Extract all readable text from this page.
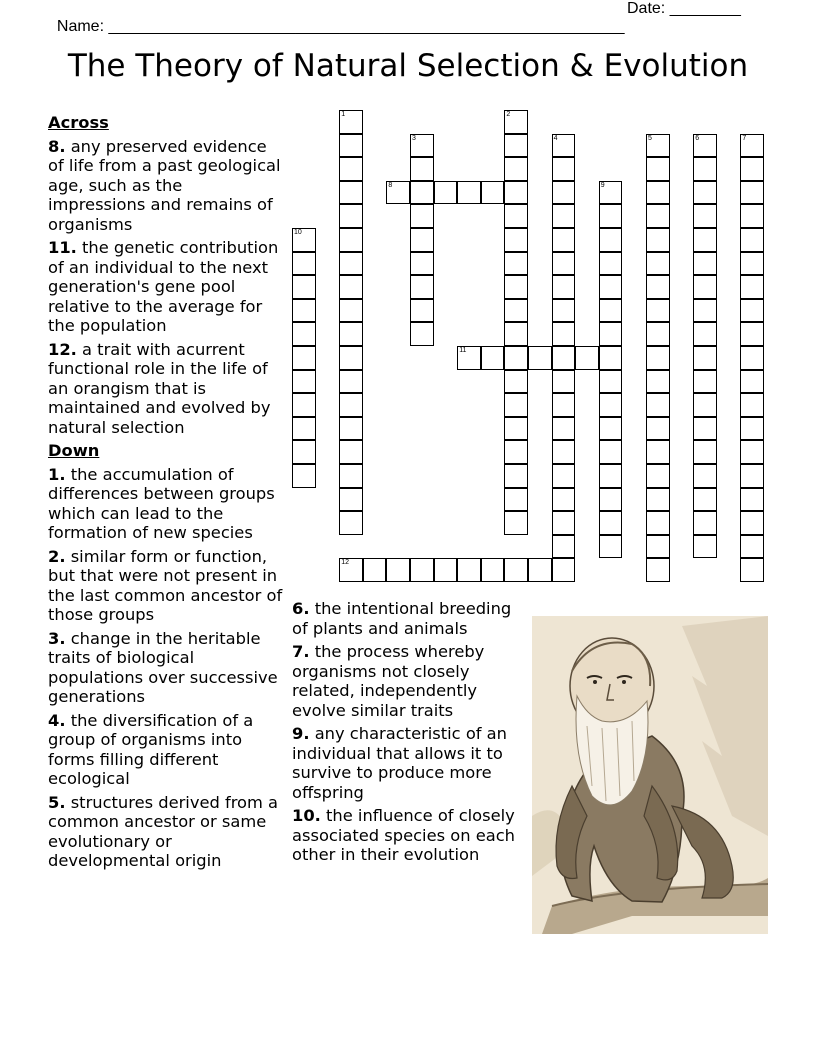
Name: __________________________________________________________

Date: ________

The Theory of Natural Selection & Evolution
Across
8. any preserved evidence of life from a past geological age, such as the impressions and remains of organisms
11. the genetic contribution of an individual to the next generation's gene pool relative to the average for the population
12. a trait with acurrent functional role in the life of an orangism that is maintained and evolved by natural selection
Down
1. the accumulation of differences between groups which can lead to the formation of new species
2. similar form or function, but that were not present in the last common ancestor of those groups
3. change in the heritable traits of biological populations over successive generations
4. the diversification of a group of organisms into forms filling different ecological
5. structures derived from a common ancestor or same evolutionary or developmental origin
6. the intentional breeding of plants and animals
7. the process whereby organisms not closely related, independently evolve similar traits
9. any characteristic of an individual that allows it to survive to produce more offspring
10. the influence of closely associated species on each other in their evolution
1	2
3	4	5	6	7
8	9
10
11
12
